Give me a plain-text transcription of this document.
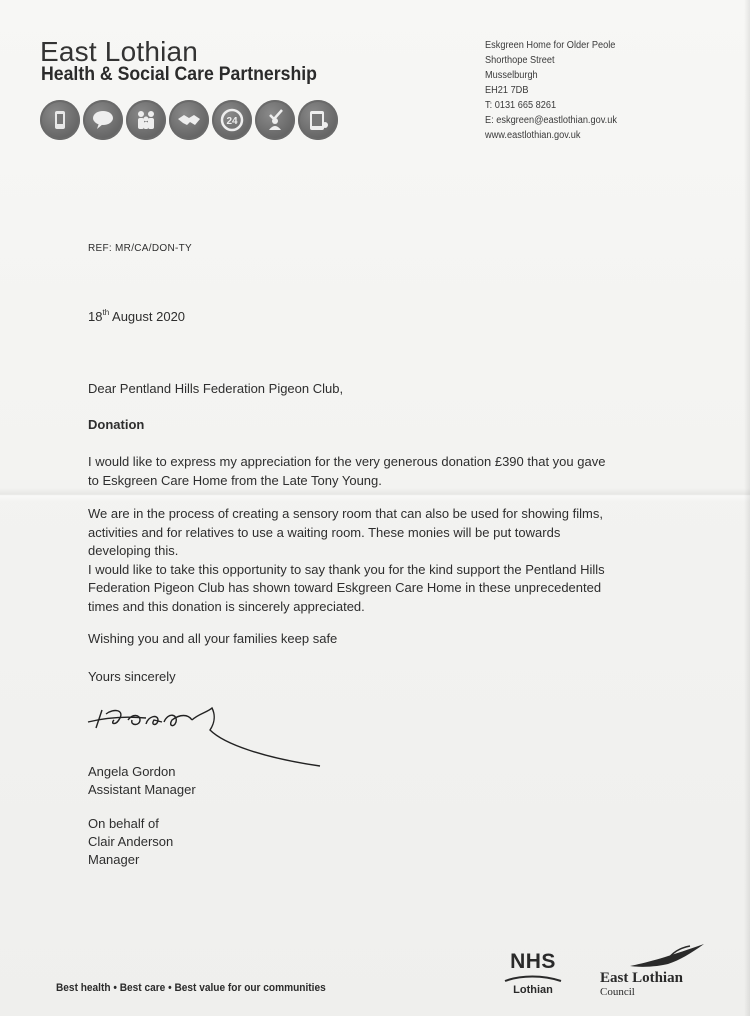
East Lothian
Health & Social Care Partnership
24
Eskgreen Home for Older Peole
Shorthope Street
Musselburgh
EH21 7DB
T: 0131 665 8261
E: eskgreen@eastlothian.gov.uk
www.eastlothian.gov.uk
REF: MR/CA/DON-TY
18th August 2020
Dear Pentland Hills Federation Pigeon Club,
Donation
I would like to express my appreciation for the very generous donation £390 that you gave
to Eskgreen Care Home from the Late Tony Young.
We are in the process of creating a sensory room that can also be used for showing films,
activities and for relatives to use a waiting room. These monies will be put towards
developing this.
I would like to take this opportunity to say thank you for the kind support the Pentland Hills
Federation Pigeon Club has shown toward Eskgreen Care Home in these unprecedented
times and this donation is sincerely appreciated.
Wishing you and all your families keep safe
Yours sincerely
Angela Gordon
Assistant Manager
On behalf of
Clair Anderson
Manager
Best health • Best care • Best value for our communities
NHS
Lothian
East Lothian
Council
